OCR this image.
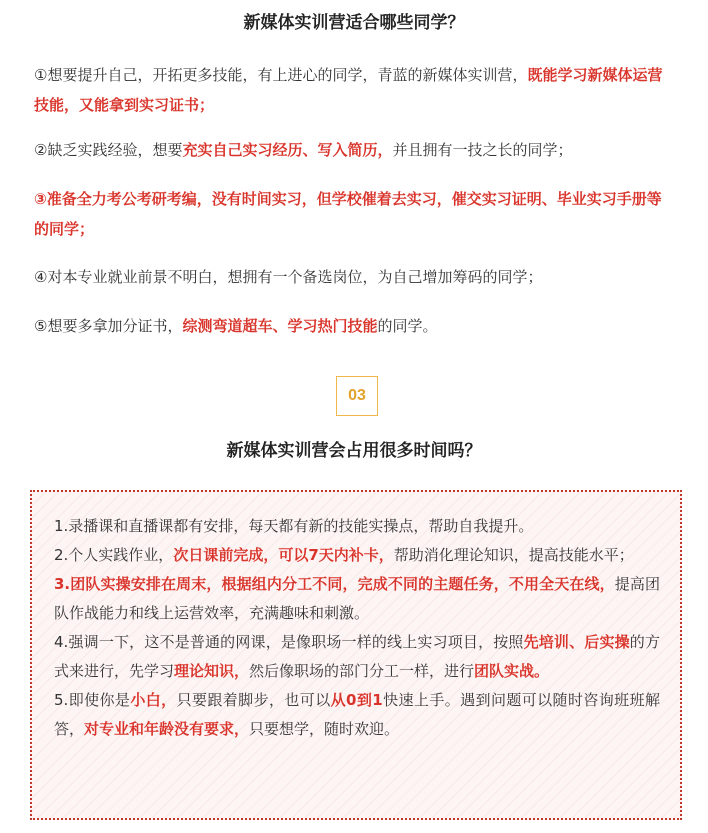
新媒体实训营适合哪些同学？

①想要提升自己，开拓更多技能，有上进心的同学，青蓝的新媒体实训营，既能学习新媒体运营技能，又能拿到实习证书；

②缺乏实践经验，想要充实自己实习经历、写入简历，并且拥有一技之长的同学；

③准备全力考公考研考编，没有时间实习，但学校催着去实习，催交实习证明、毕业实习手册等的同学；

④对本专业就业前景不明白，想拥有一个备选岗位，为自己增加筹码的同学；

⑤想要多拿加分证书，综测弯道超车、学习热门技能的同学。

03
新媒体实训营会占用很多时间吗？

1.录播课和直播课都有安排，每天都有新的技能实操点，帮助自我提升。

2.个人实践作业，次日课前完成，可以7天内补卡，帮助消化理论知识，提高技能水平；

3.团队实操安排在周末，根据组内分工不同，完成不同的主题任务，不用全天在线，提高团队作战能力和线上运营效率，充满趣味和刺激。

4.强调一下，这不是普通的网课，是像职场一样的线上实习项目，按照先培训、后实操的方式来进行，先学习理论知识，然后像职场的部门分工一样，进行团队实战。

5.即使你是小白，只要跟着脚步，也可以从0到1快速上手。遇到问题可以随时咨询班班解答，对专业和年龄没有要求，只要想学，随时欢迎。
